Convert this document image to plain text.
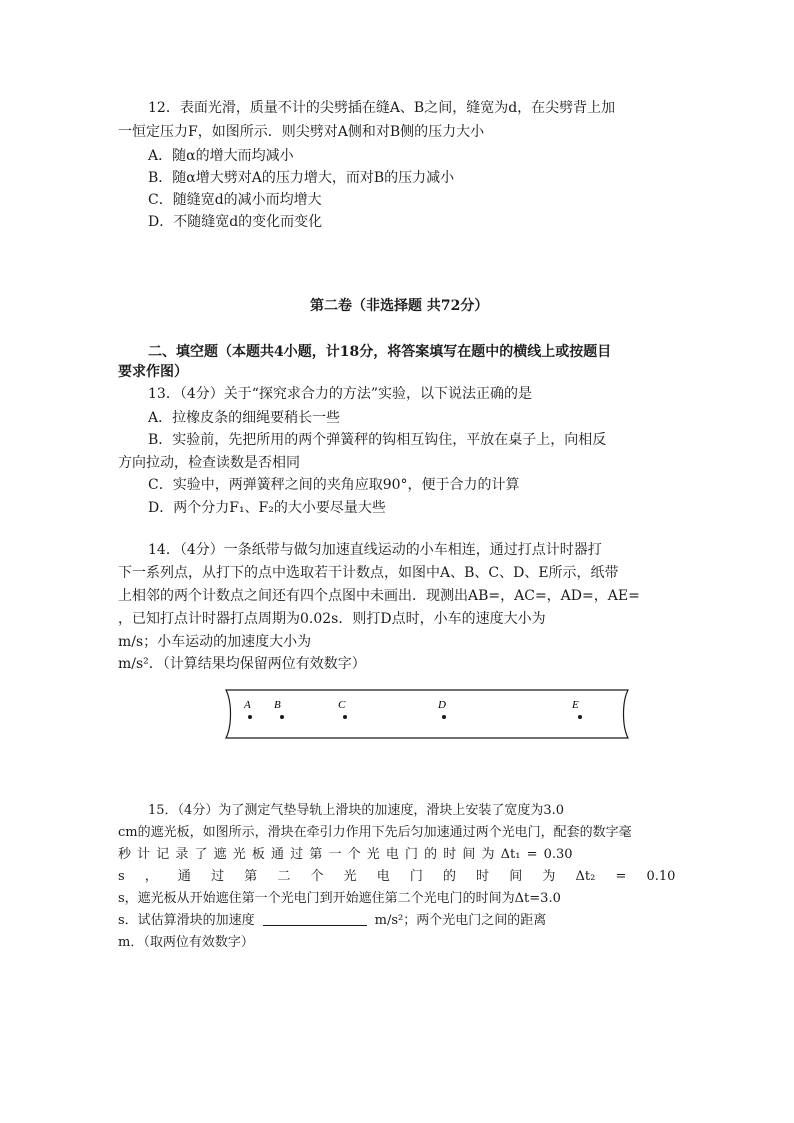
12．表面光滑，质量不计的尖劈插在缝A、B之间，缝宽为d，在尖劈背上加
一恒定压力F，如图所示．则尖劈对A侧和对B侧的压力大小
A．随α的增大而均减小
B．随α增大劈对A的压力增大，而对B的压力减小
C．随缝宽d的减小而均增大
D．不随缝宽d的变化而变化
第二卷（非选择题 共72分）
二、填空题（本题共4小题，计18分，将答案填写在题中的横线上或按题目
要求作图）
13．（4分）关于“探究求合力的方法”实验，以下说法正确的是
A．拉橡皮条的细绳要稍长一些
B．实验前，先把所用的两个弹簧秤的钩相互钩住，平放在桌子上，向相反
方向拉动，检查读数是否相同
C．实验中，两弹簧秤之间的夹角应取90°，便于合力的计算
D．两个分力F₁、F₂的大小要尽量大些
14．（4分）一条纸带与做匀加速直线运动的小车相连，通过打点计时器打
下一系列点，从打下的点中选取若干计数点，如图中A、B、C、D、E所示，纸带
上相邻的两个计数点之间还有四个点图中未画出．现测出AB=，AC=，AD=，AE=
，已知打点计时器打点周期为0.02s．则打D点时，小车的速度大小为
m/s；小车运动的加速度大小为
m/s²．（计算结果均保留两位有效数字）
A B	C	D	E
15．（4分）为了测定气垫导轨上滑块的加速度，滑块上安装了宽度为3.0
cm的遮光板，如图所示，滑块在牵引力作用下先后匀加速通过两个光电门，配套的数字毫
秒 计 记 录 了 遮 光 板 通 过 第 一 个 光 电 门 的 时 间 为 Δt₁ = 0.30
s ， 通 过 第 二 个 光 电 门 的 时 间 为 Δt₂ = 0.10
s，遮光板从开始遮住第一个光电门到开始遮住第二个光电门的时间为Δt=3.0
s．试估算滑块的加速度	m/s²；两个光电门之间的距离
m．（取两位有效数字）
